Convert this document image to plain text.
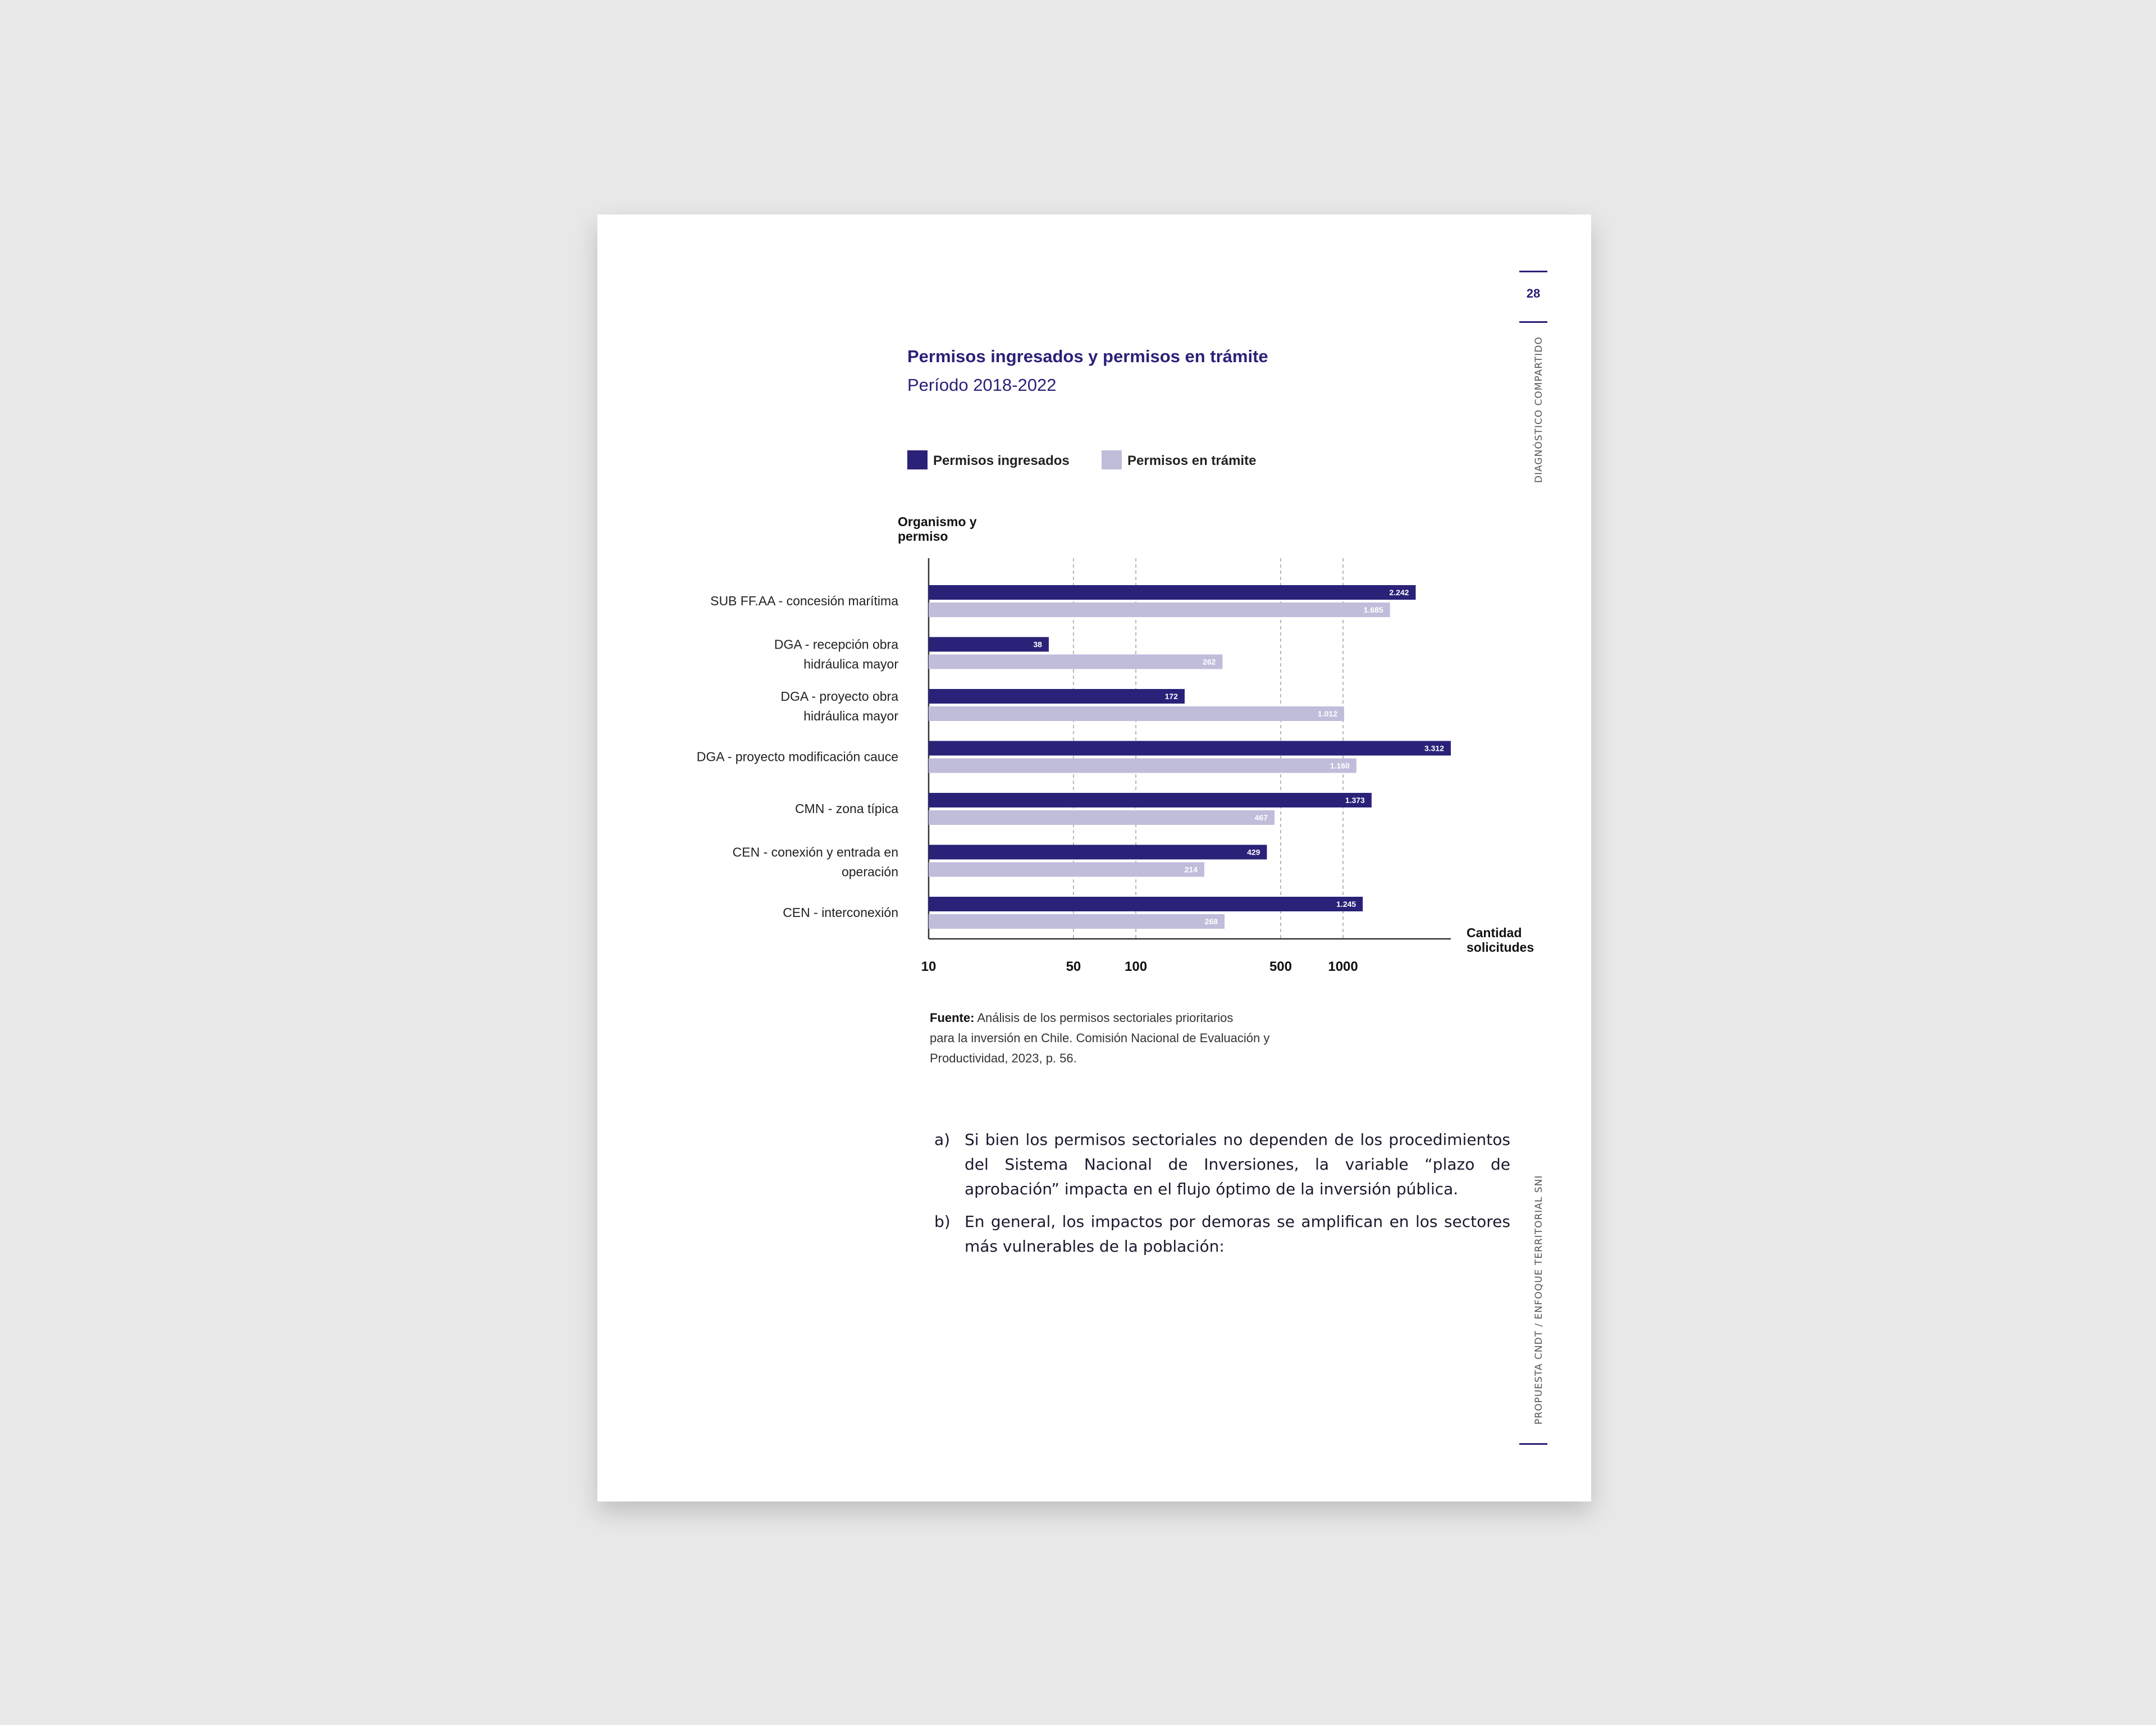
28
DIAGNÓSTICO COMPARTIDO
PROPUESTA CNDT / ENFOQUE TERRITORIAL SNI
Permisos ingresados y permisos en trámite
Período 2018-2022
Permisos ingresados	Permisos en trámite
Organismo y
permiso
Cantidad
solicitudes
10	50	100	500	1000
SUB FF.AA - concesión marítima
2.242
1.685
DGA - recepción obra
hidráulica mayor
38
262
DGA - proyecto obra
hidráulica mayor
172
1.012
DGA - proyecto modificación cauce
3.312
1.160
CMN - zona típica
1.373
467
CEN - conexión y entrada en
operación
429
214
CEN - interconexión
1.245
268
Fuente: Análisis de los permisos sectoriales prioritarios
para la inversión en Chile. Comisión Nacional de Evaluación y
Productividad, 2023, p. 56.
a) Si bien los permisos sectoriales no dependen de los procedimientos del Sistema Nacional de Inversiones, la variable “plazo de aprobación” impacta en el flujo óptimo de la inversión pública.
b) En general, los impactos por demoras se amplifican en los sectores más vulnerables de la población:
